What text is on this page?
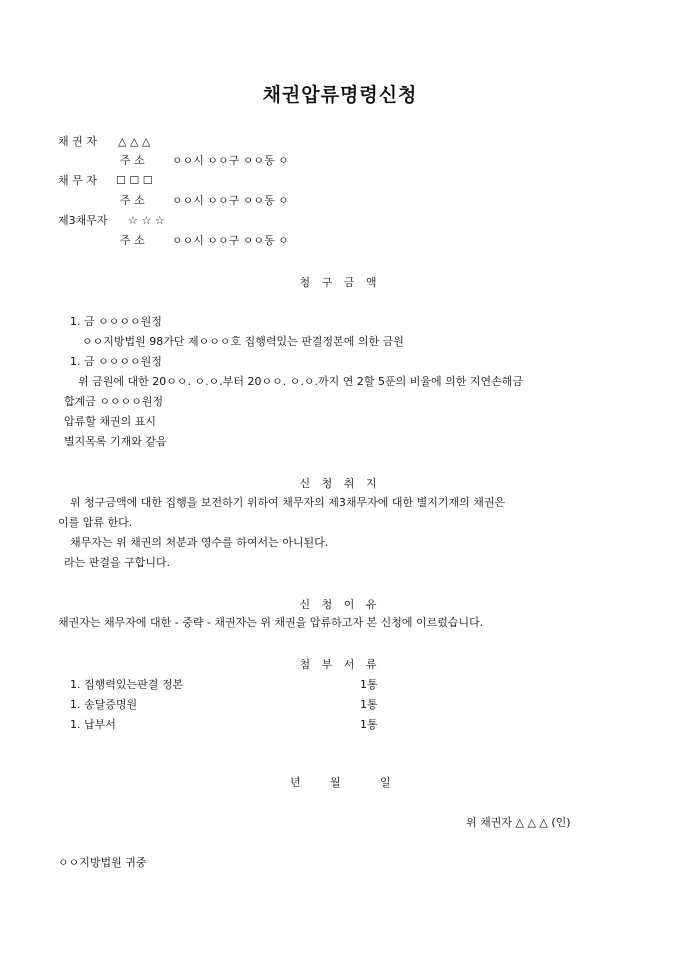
채권압류명령신청
채 권 자 △ △ △
주 소 ㅇㅇ시 ㅇㅇ구 ㅇㅇ동 ㅇ
채 무 자 ☐ ☐ ☐
주 소 ㅇㅇ시 ㅇㅇ구 ㅇㅇ동 ㅇ
제3채무자 ☆ ☆ ☆
주 소 ㅇㅇ시 ㅇㅇ구 ㅇㅇ동 ㅇ
청 구 금 액
1. 금 ㅇㅇㅇㅇ원정
ㅇㅇ지방법원 98가단 제ㅇㅇㅇ호 집행력있는 판결정본에 의한 금원
1. 금 ㅇㅇㅇㅇ원정
위 금원에 대한 20ㅇㅇ. ㅇ.ㅇ.부터 20ㅇㅇ. ㅇ.ㅇ.까지 연 2할 5푼의 비율에 의한 지연손해금
합계금 ㅇㅇㅇㅇ원정
압류할 채권의 표시
별지목록 기재와 같음
신 청 취 지
위 청구금액에 대한 집행을 보전하기 위하여 채무자의 제3채무자에 대한 별지기재의 채권은
이를 압류 한다.
채무자는 위 채권의 처분과 영수를 하여서는 아니된다.
라는 판결을 구합니다.
신 청 이 유
채권자는 채무자에 대한 - 중략 - 채권자는 위 채권을 압류하고자 본 신청에 이르렀습니다.
첨 부 서 류
1. 집행력있는판결 정본	1통
1. 송달증명원	1통
1. 납부서	1통
년	월	일
위 채권자 △ △ △ (인)
ㅇㅇ지방법원 귀중
